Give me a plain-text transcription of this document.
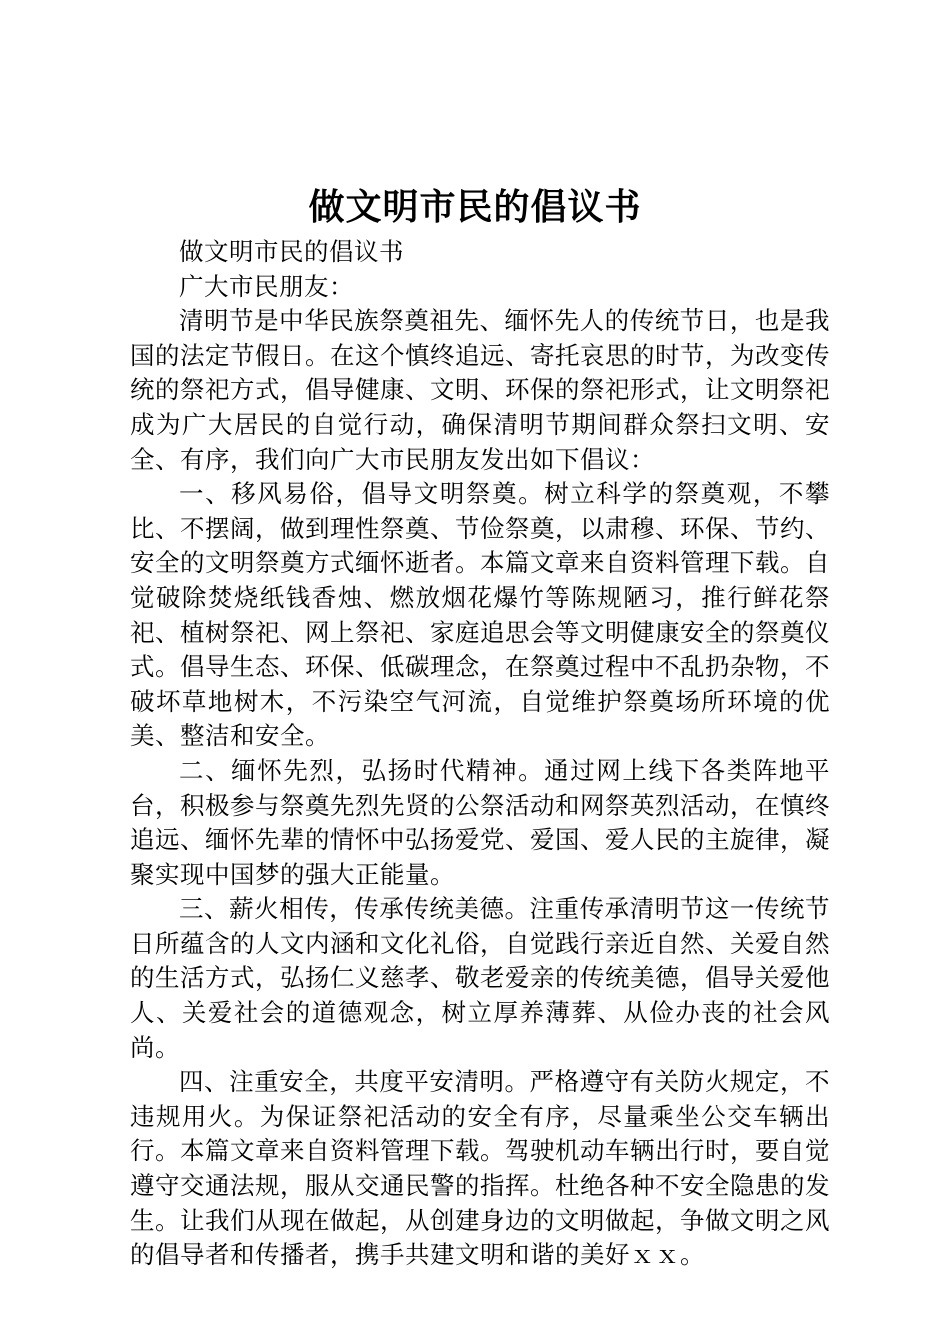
做文明市民的倡议书

做文明市民的倡议书

广大市民朋友：

清明节是中华民族祭奠祖先、缅怀先人的传统节日，也是我国的法定节假日。在这个慎终追远、寄托哀思的时节，为改变传统的祭祀方式，倡导健康、文明、环保的祭祀形式，让文明祭祀成为广大居民的自觉行动，确保清明节期间群众祭扫文明、安全、有序，我们向广大市民朋友发出如下倡议：

一、移风易俗，倡导文明祭奠。树立科学的祭奠观，不攀比、不摆阔，做到理性祭奠、节俭祭奠，以肃穆、环保、节约、安全的文明祭奠方式缅怀逝者。本篇文章来自资料管理下载。自觉破除焚烧纸钱香烛、燃放烟花爆竹等陈规陋习，推行鲜花祭祀、植树祭祀、网上祭祀、家庭追思会等文明健康安全的祭奠仪式。倡导生态、环保、低碳理念，在祭奠过程中不乱扔杂物，不破坏草地树木，不污染空气河流，自觉维护祭奠场所环境的优美、整洁和安全。

二、缅怀先烈，弘扬时代精神。通过网上线下各类阵地平台，积极参与祭奠先烈先贤的公祭活动和网祭英烈活动，在慎终追远、缅怀先辈的情怀中弘扬爱党、爱国、爱人民的主旋律，凝聚实现中国梦的强大正能量。

三、薪火相传，传承传统美德。注重传承清明节这一传统节日所蕴含的人文内涵和文化礼俗，自觉践行亲近自然、关爱自然的生活方式，弘扬仁义慈孝、敬老爱亲的传统美德，倡导关爱他人、关爱社会的道德观念，树立厚养薄葬、从俭办丧的社会风尚。

四、注重安全，共度平安清明。严格遵守有关防火规定，不违规用火。为保证祭祀活动的安全有序，尽量乘坐公交车辆出行。本篇文章来自资料管理下载。驾驶机动车辆出行时，要自觉遵守交通法规，服从交通民警的指挥。杜绝各种不安全隐患的发生。让我们从现在做起，从创建身边的文明做起，争做文明之风的倡导者和传播者，携手共建文明和谐的美好ｘｘ。
